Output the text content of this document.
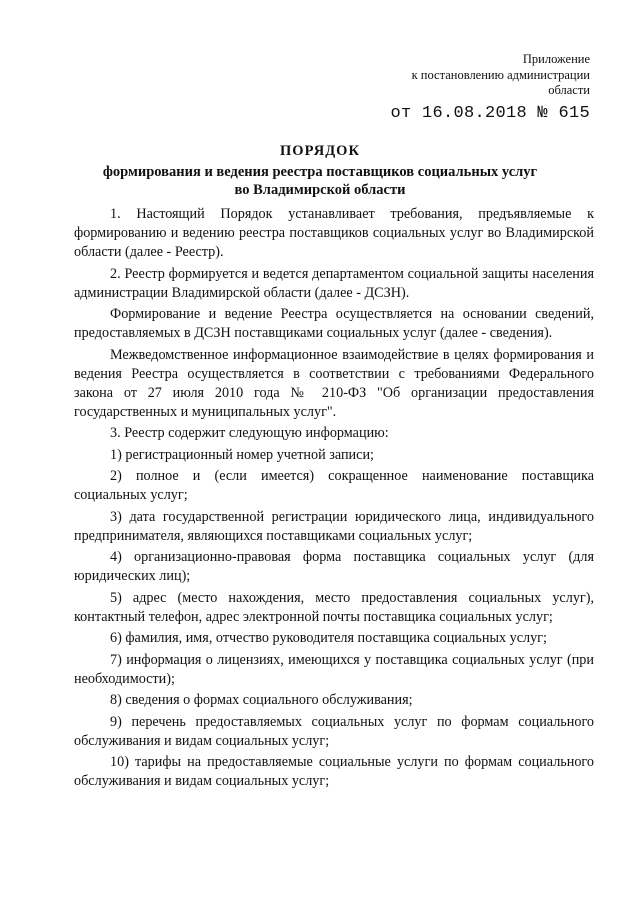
Приложение
к постановлению администрации
области
от 16.08.2018 № 615
ПОРЯДОК
формирования и ведения реестра поставщиков социальных услуг
во Владимирской области

1. Настоящий Порядок устанавливает требования, предъявляемые к формированию и ведению реестра поставщиков социальных услуг во Владимирской области (далее - Реестр).

2. Реестр формируется и ведется департаментом социальной защиты населения администрации Владимирской области (далее - ДСЗН).

Формирование и ведение Реестра осуществляется на основании сведений, предоставляемых в ДСЗН поставщиками социальных услуг (далее - сведения).

Межведомственное информационное взаимодействие в целях формирования и ведения Реестра осуществляется в соответствии с требованиями Федерального закона от 27 июля 2010 года № 210-ФЗ "Об организации предоставления государственных и муниципальных услуг".

3. Реестр содержит следующую информацию:

1) регистрационный номер учетной записи;

2) полное и (если имеется) сокращенное наименование поставщика социальных услуг;

3) дата государственной регистрации юридического лица, индивидуального предпринимателя, являющихся поставщиками социальных услуг;

4) организационно-правовая форма поставщика социальных услуг (для юридических лиц);

5) адрес (место нахождения, место предоставления социальных услуг), контактный телефон, адрес электронной почты поставщика социальных услуг;

6) фамилия, имя, отчество руководителя поставщика социальных услуг;

7) информация о лицензиях, имеющихся у поставщика социальных услуг (при необходимости);

8) сведения о формах социального обслуживания;

9) перечень предоставляемых социальных услуг по формам социального обслуживания и видам социальных услуг;

10) тарифы на предоставляемые социальные услуги по формам социального обслуживания и видам социальных услуг;
